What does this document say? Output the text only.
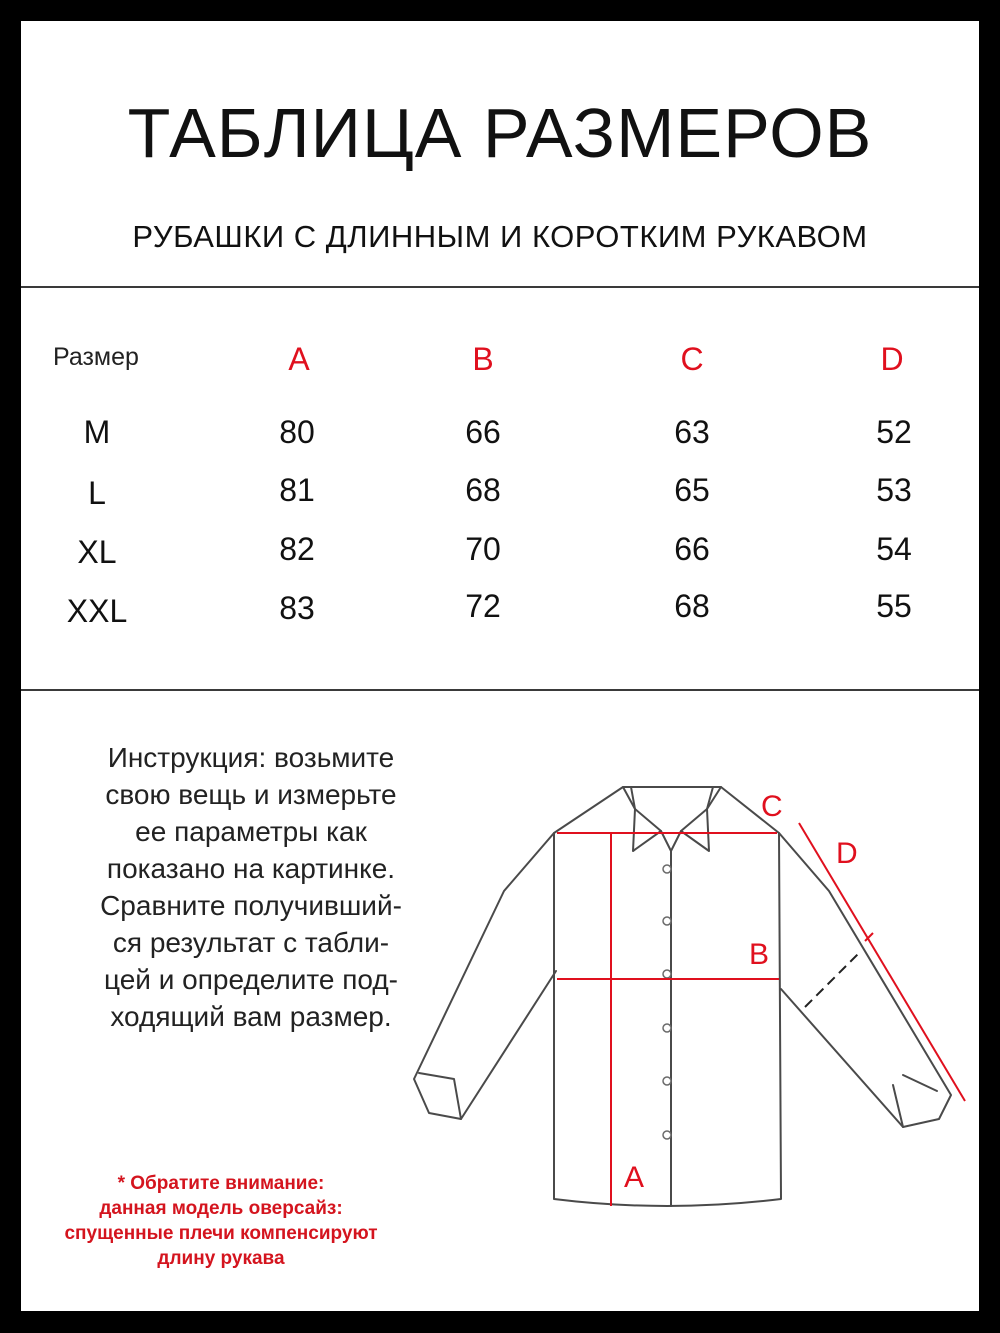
ТАБЛИЦА РАЗМЕРОВ
РУБАШКИ С ДЛИННЫМ И КОРОТКИМ РУКАВОМ
Размер	A	B	C	D
M	80	66	63	52
L	81	68	65	53
XL	82	70	66	54
XXL	83	72	68	55
Инструкция: возьмите
свою вещь и измерьте
ее параметры как
показано на картинке.
Сравните получивший-
ся результат с табли-
цей и определите под-
ходящий вам размер.
* Обратите внимание:
данная модель оверсайз:
спущенные плечи компенсируют
длину рукава
C
D
B
A
